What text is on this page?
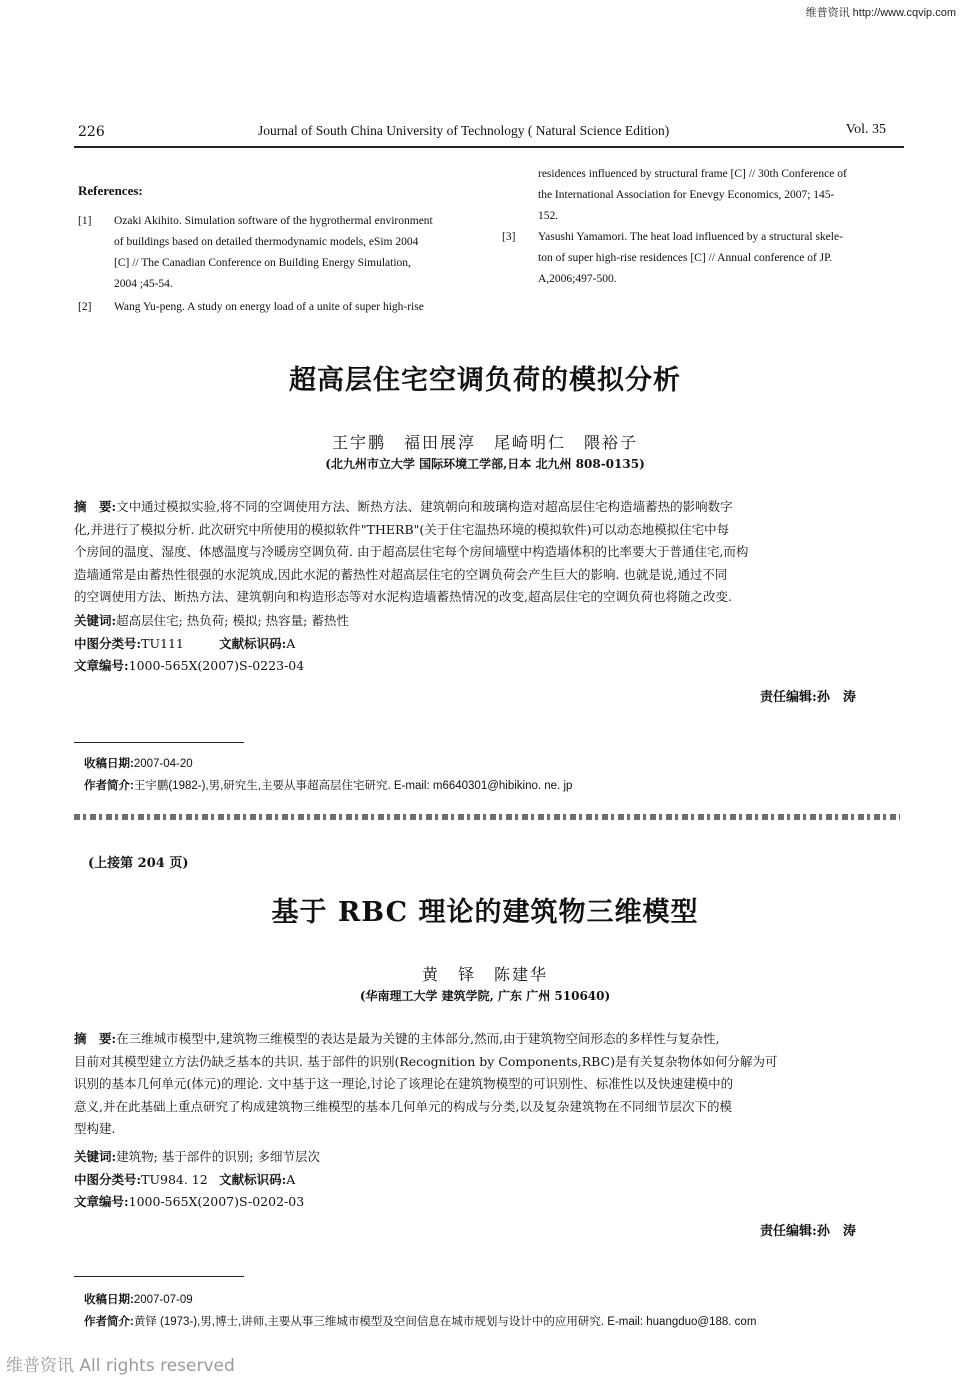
维普资讯 http://www.cqvip.com
226	Journal of South China University of Technology ( Natural Science Edition)	Vol. 35
References:
[1]	Ozaki Akihito. Simulation software of the hygrothermal environment
of buildings based on detailed thermodynamic models, eSim 2004
[C] // The Canadian Conference on Building Energy Simulation,
2004 ;45-54.
[2]	Wang Yu-peng. A study on energy load of a unite of super high-rise
residences influenced by structural frame [C] // 30th Conference of
the International Association for Enevgy Economics, 2007; 145-
152.
[3]	Yasushi Yamamori. The heat load influenced by a structural skele-
ton of super high-rise residences [C] // Annual conference of JP.
A,2006;497-500.
超高层住宅空调负荷的模拟分析
王宇鹏　福田展淳　尾崎明仁　隈裕子
(北九州市立大学 国际环境工学部,日本 北九州 808-0135)
摘　要:文中通过模拟实验,将不同的空调使用方法、断热方法、建筑朝向和玻璃构造对超高层住宅构造墙蓄热的影响数字
化,并进行了模拟分析. 此次研究中所使用的模拟软件"THERB"(关于住宅温热环境的模拟软件)可以动态地模拟住宅中每
个房间的温度、湿度、体感温度与冷暖房空调负荷. 由于超高层住宅每个房间墙壁中构造墙体积的比率要大于普通住宅,而构
造墙通常是由蓄热性很强的水泥筑成,因此水泥的蓄热性对超高层住宅的空调负荷会产生巨大的影响. 也就是说,通过不同
的空调使用方法、断热方法、建筑朝向和构造形态等对水泥构造墙蓄热情况的改变,超高层住宅的空调负荷也将随之改变.
关键词:超高层住宅; 热负荷; 模拟; 热容量; 蓄热性
中图分类号:TU111	文献标识码:A
文章编号:1000-565X(2007)S-0223-04
责任编辑:孙　涛
收稿日期:2007-04-20
作者简介:王宇鹏(1982-),男,研究生,主要从事超高层住宅研究. E-mail: m6640301@hibikino. ne. jp
(上接第 204 页)
基于 RBC 理论的建筑物三维模型
黄　铎　陈建华
(华南理工大学 建筑学院, 广东 广州 510640)
摘　要:在三维城市模型中,建筑物三维模型的表达是最为关键的主体部分,然而,由于建筑物空间形态的多样性与复杂性,
目前对其模型建立方法仍缺乏基本的共识. 基于部件的识别(Recognition by Components,RBC)是有关复杂物体如何分解为可
识别的基本几何单元(体元)的理论. 文中基于这一理论,讨论了该理论在建筑物模型的可识别性、标准性以及快速建模中的
意义,并在此基础上重点研究了构成建筑物三维模型的基本几何单元的构成与分类,以及复杂建筑物在不同细节层次下的模
型构建.
关键词:建筑物; 基于部件的识别; 多细节层次
中图分类号:TU984. 12 文献标识码:A
文章编号:1000-565X(2007)S-0202-03
责任编辑:孙　涛
收稿日期:2007-07-09
作者简介:黄铎 (1973-),男,博士,讲师,主要从事三维城市模型及空间信息在城市规划与设计中的应用研究. E-mail: huangduo@188. com
维普资讯 All rights reserved
